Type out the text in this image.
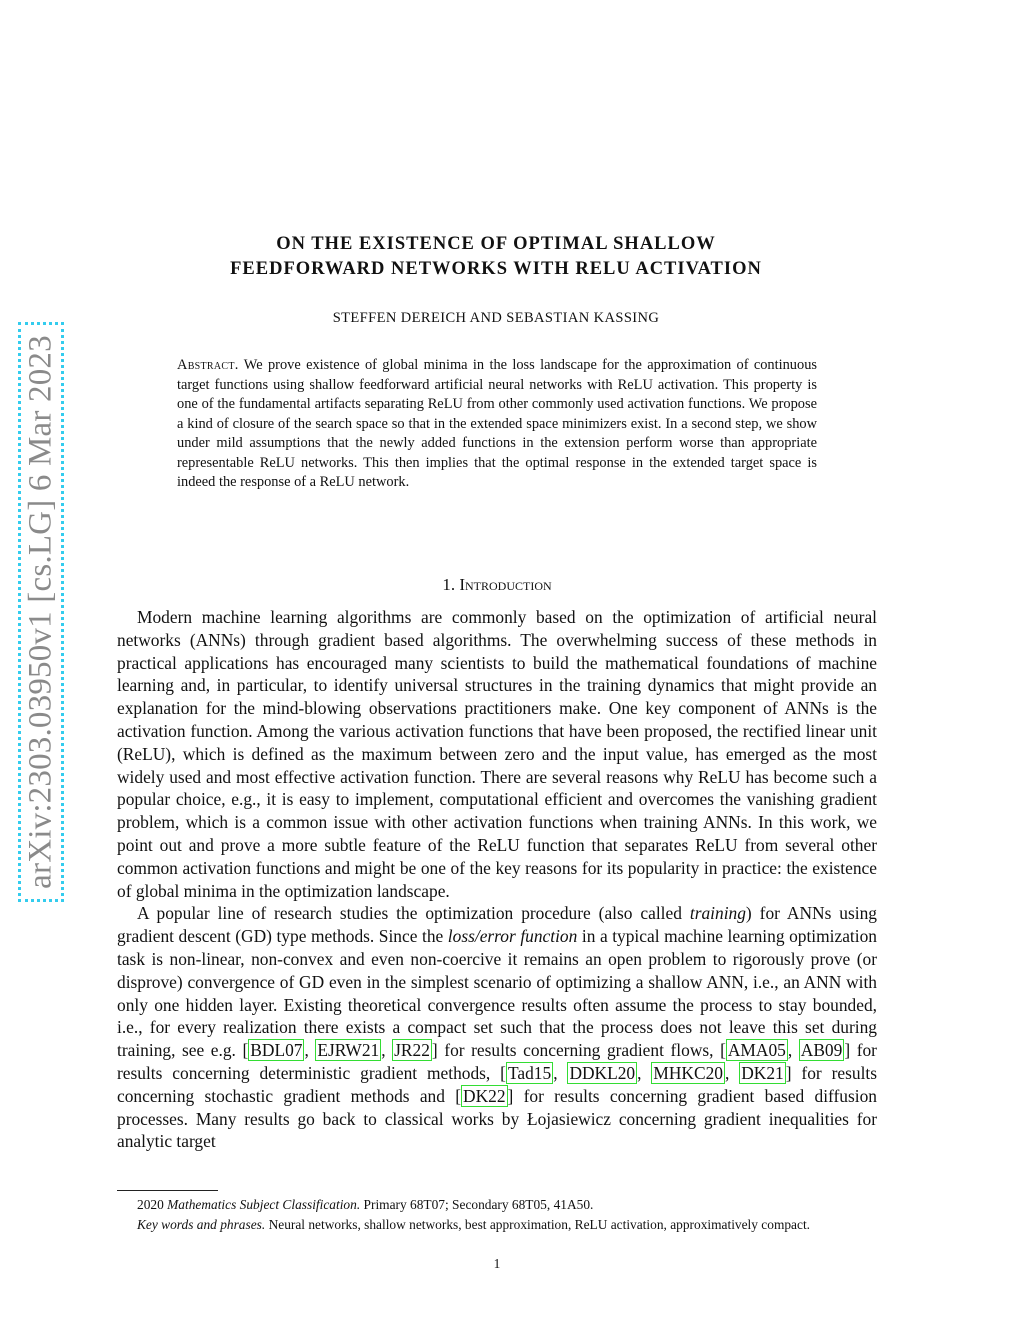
arXiv:2303.03950v1 [cs.LG] 6 Mar 2023
ON THE EXISTENCE OF OPTIMAL SHALLOW
FEEDFORWARD NETWORKS WITH RELU ACTIVATION
STEFFEN DEREICH AND SEBASTIAN KASSING
Abstract. We prove existence of global minima in the loss landscape for the approximation of continuous target functions using shallow feedforward artificial neural networks with ReLU activation. This property is one of the fundamental artifacts separating ReLU from other commonly used activation functions. We propose a kind of closure of the search space so that in the extended space minimizers exist. In a second step, we show under mild assumptions that the newly added functions in the extension perform worse than appropriate representable ReLU networks. This then implies that the optimal response in the extended target space is indeed the response of a ReLU network.
1. Introduction

Modern machine learning algorithms are commonly based on the optimization of artificial neural networks (ANNs) through gradient based algorithms. The overwhelming success of these methods in practical applications has encouraged many scientists to build the mathematical foundations of machine learning and, in particular, to identify universal structures in the training dynamics that might provide an explanation for the mind-blowing observations practitioners make. One key component of ANNs is the activation function. Among the various activation functions that have been proposed, the rectified linear unit (ReLU), which is defined as the maximum between zero and the input value, has emerged as the most widely used and most effective activation function. There are several reasons why ReLU has become such a popular choice, e.g., it is easy to implement, computational efficient and overcomes the vanishing gradient problem, which is a common issue with other activation functions when training ANNs. In this work, we point out and prove a more subtle feature of the ReLU function that separates ReLU from several other common activation functions and might be one of the key reasons for its popularity in practice: the existence of global minima in the optimization landscape.

A popular line of research studies the optimization procedure (also called training) for ANNs using gradient descent (GD) type methods. Since the loss/error function in a typical machine learning optimization task is non-linear, non-convex and even non-coercive it remains an open problem to rigorously prove (or disprove) convergence of GD even in the simplest scenario of optimizing a shallow ANN, i.e., an ANN with only one hidden layer. Existing theoretical convergence results often assume the process to stay bounded, i.e., for every realization there exists a compact set such that the process does not leave this set during training, see e.g. [ BDL07 , EJRW21 , JR22 ] for results concerning gradient flows, [ AMA05 , AB09 ] for results concerning deterministic gradient methods, [ Tad15 , DDKL20 , MHKC20 , DK21 ] for results concerning stochastic gradient methods and [ DK22 ] for results concerning gradient based diffusion processes. Many results go back to classical works by Łojasiewicz concerning gradient inequalities for analytic target

2020 Mathematics Subject Classification. Primary 68T07; Secondary 68T05, 41A50.

Key words and phrases. Neural networks, shallow networks, best approximation, ReLU activation, approximatively compact.

1
